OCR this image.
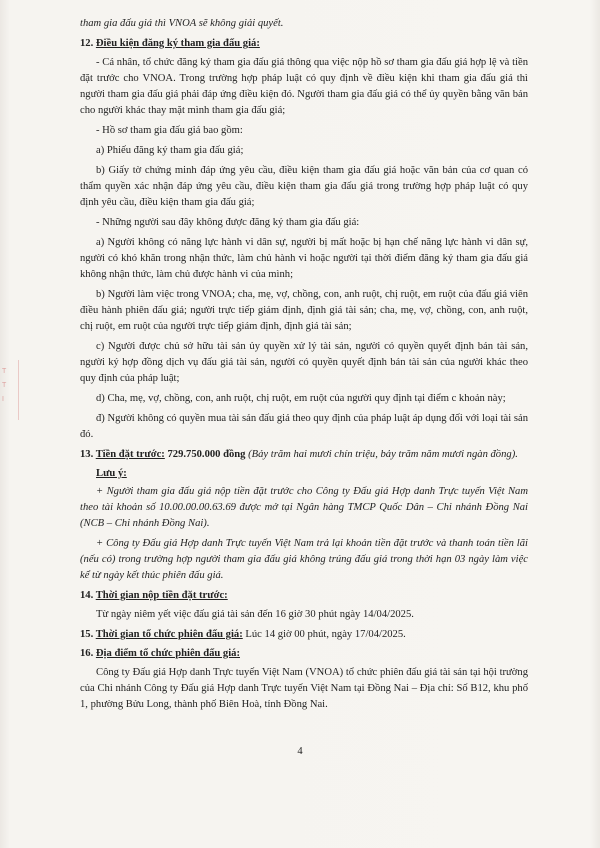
T
T
I

tham gia đấu giá thì VNOA sẽ không giải quyết.

12. Điều kiện đăng ký tham gia đấu giá:

- Cá nhân, tổ chức đăng ký tham gia đấu giá thông qua việc nộp hồ sơ tham gia đấu giá hợp lệ và tiền đặt trước cho VNOA. Trong trường hợp pháp luật có quy định về điều kiện khi tham gia đấu giá thì người tham gia đấu giá phải đáp ứng điều kiện đó. Người tham gia đấu giá có thể ủy quyền bằng văn bản cho người khác thay mặt mình tham gia đấu giá;

- Hồ sơ tham gia đấu giá bao gồm:

a) Phiếu đăng ký tham gia đấu giá;

b) Giấy tờ chứng minh đáp ứng yêu cầu, điều kiện tham gia đấu giá hoặc văn bản của cơ quan có thẩm quyền xác nhận đáp ứng yêu cầu, điều kiện tham gia đấu giá trong trường hợp pháp luật có quy định yêu cầu, điều kiện tham gia đấu giá;

- Những người sau đây không được đăng ký tham gia đấu giá:

a) Người không có năng lực hành vi dân sự, người bị mất hoặc bị hạn chế năng lực hành vi dân sự, người có khó khăn trong nhận thức, làm chủ hành vi hoặc người tại thời điểm đăng ký tham gia đấu giá không nhận thức, làm chủ được hành vi của mình;

b) Người làm việc trong VNOA; cha, mẹ, vợ, chồng, con, anh ruột, chị ruột, em ruột của đấu giá viên điều hành phiên đấu giá; người trực tiếp giám định, định giá tài sản; cha, mẹ, vợ, chồng, con, anh ruột, chị ruột, em ruột của người trực tiếp giám định, định giá tài sản;

c) Người được chủ sở hữu tài sản ủy quyền xử lý tài sản, người có quyền quyết định bán tài sản, người ký hợp đồng dịch vụ đấu giá tài sản, người có quyền quyết định bán tài sản của người khác theo quy định của pháp luật;

d) Cha, mẹ, vợ, chồng, con, anh ruột, chị ruột, em ruột của người quy định tại điểm c khoản này;

đ) Người không có quyền mua tài sản đấu giá theo quy định của pháp luật áp dụng đối với loại tài sản đó.

13. Tiền đặt trước: 729.750.000 đồng (Bảy trăm hai mươi chín triệu, bảy trăm năm mươi ngàn đồng).

Lưu ý:

+ Người tham gia đấu giá nộp tiền đặt trước cho Công ty Đấu giá Hợp danh Trực tuyến Việt Nam theo tài khoản số 10.00.00.00.63.69 được mở tại Ngân hàng TMCP Quốc Dân – Chi nhánh Đồng Nai (NCB – Chi nhánh Đồng Nai).

+ Công ty Đấu giá Hợp danh Trực tuyến Việt Nam trả lại khoản tiền đặt trước và thanh toán tiền lãi (nếu có) trong trường hợp người tham gia đấu giá không trúng đấu giá trong thời hạn 03 ngày làm việc kể từ ngày kết thúc phiên đấu giá.

14. Thời gian nộp tiền đặt trước:

Từ ngày niêm yết việc đấu giá tài sản đến 16 giờ 30 phút ngày 14/04/2025.

15. Thời gian tổ chức phiên đấu giá: Lúc 14 giờ 00 phút, ngày 17/04/2025.

16. Địa điểm tổ chức phiên đấu giá:

Công ty Đấu giá Hợp danh Trực tuyến Việt Nam (VNOA) tổ chức phiên đấu giá tài sản tại hội trường của Chi nhánh Công ty Đấu giá Hợp danh Trực tuyến Việt Nam tại Đồng Nai – Địa chỉ: Số B12, khu phố 1, phường Bửu Long, thành phố Biên Hoà, tỉnh Đồng Nai.

4
